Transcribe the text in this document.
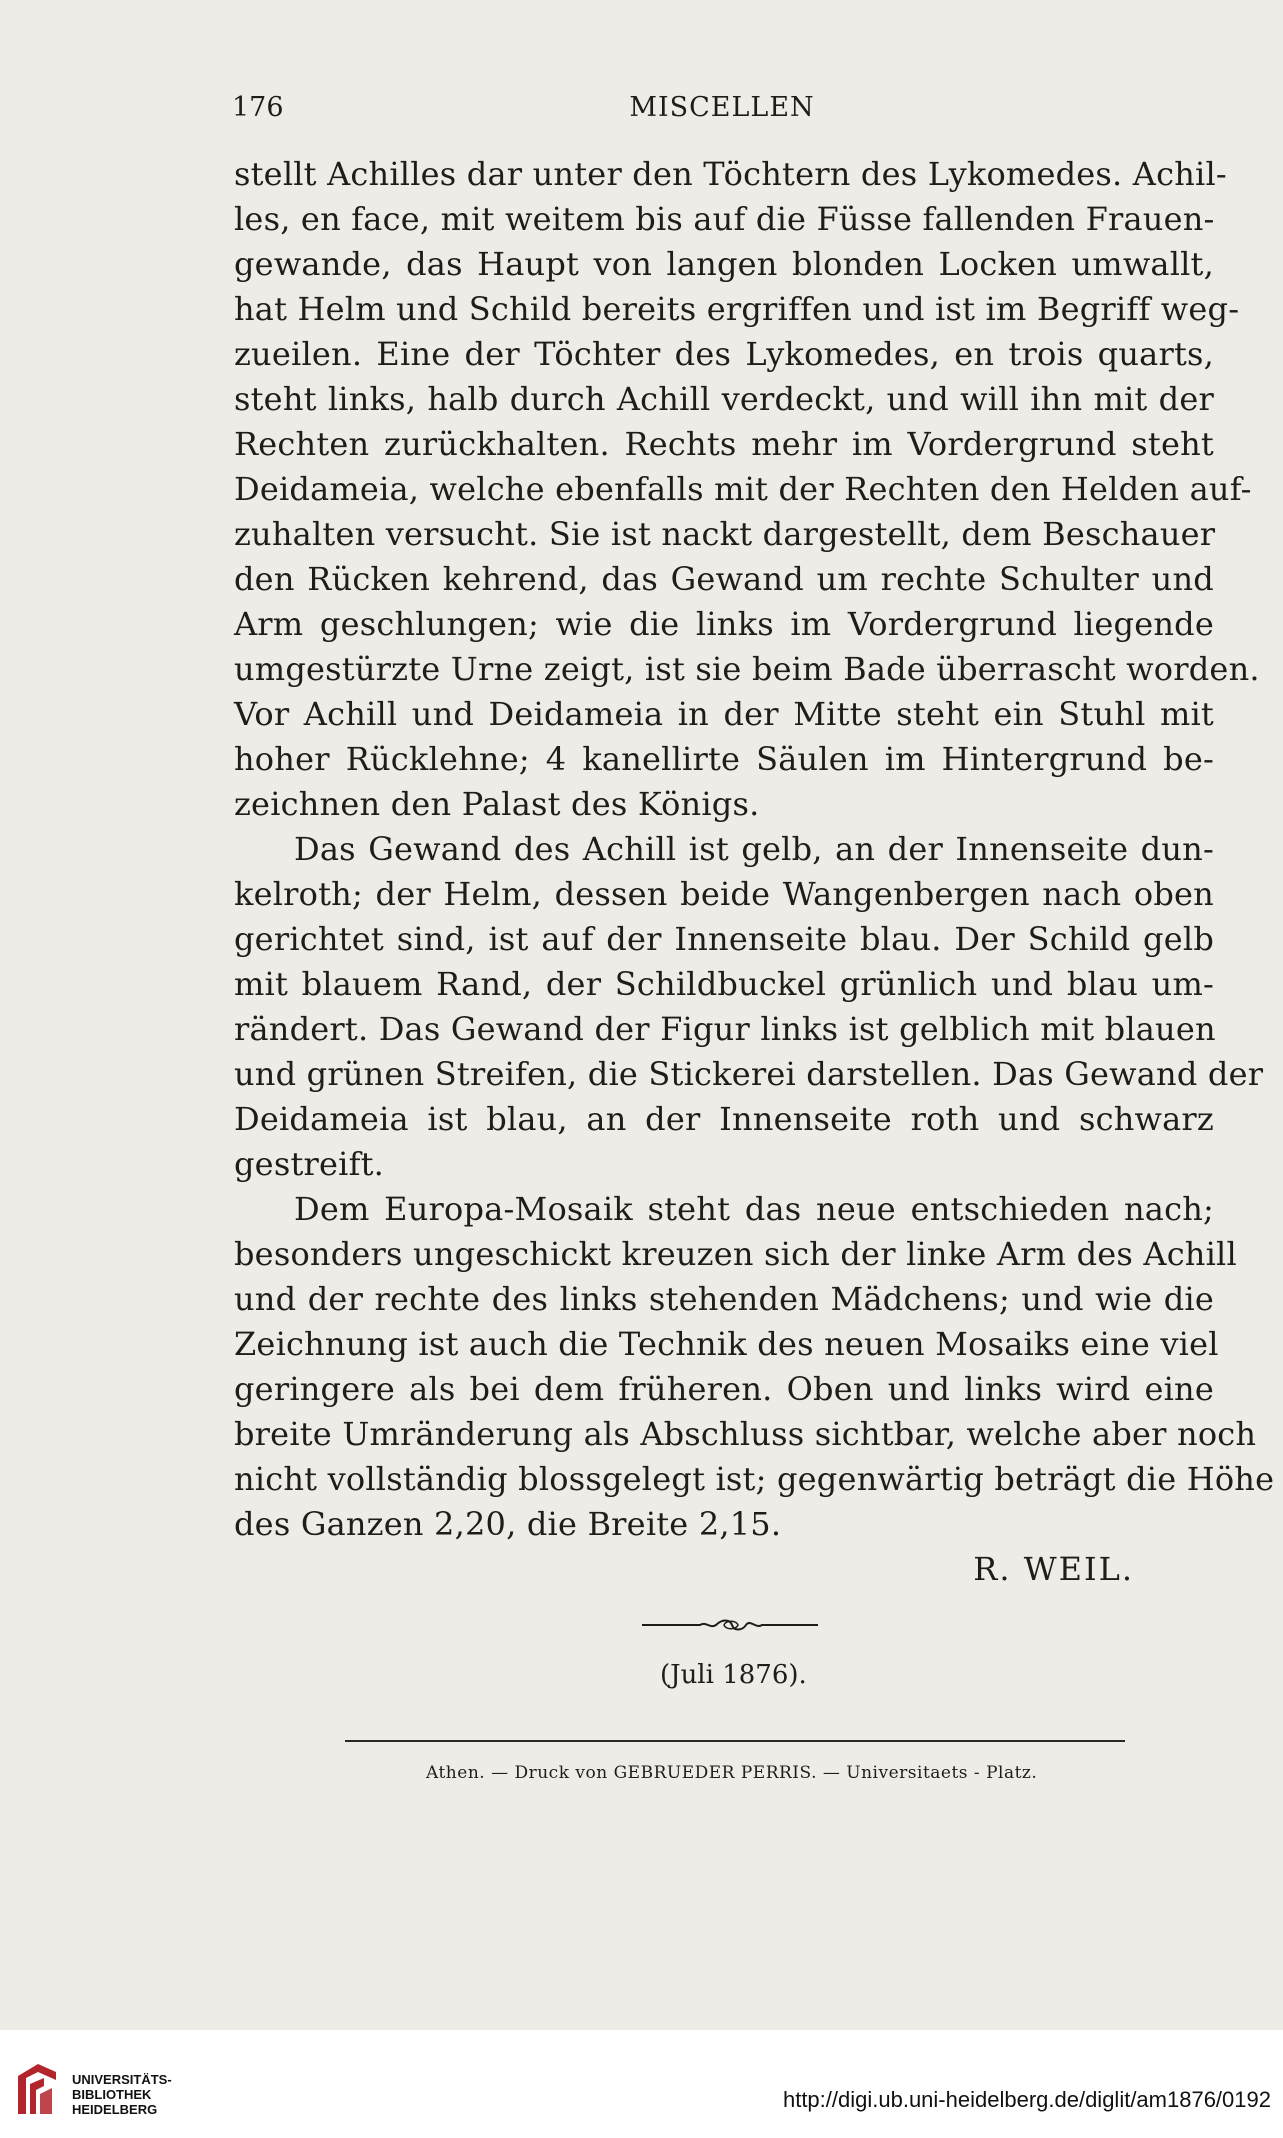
176	MISCELLEN
stellt Achilles dar unter den Töchtern des Lykomedes. Achil-
les, en face, mit weitem bis auf die Füsse fallenden Frauen-
gewande, das Haupt von langen blonden Locken umwallt,
hat Helm und Schild bereits ergriffen und ist im Begriff weg-
zueilen. Eine der Töchter des Lykomedes, en trois quarts,
steht links, halb durch Achill verdeckt, und will ihn mit der
Rechten zurückhalten. Rechts mehr im Vordergrund steht
Deidameia, welche ebenfalls mit der Rechten den Helden auf-
zuhalten versucht. Sie ist nackt dargestellt, dem Beschauer
den Rücken kehrend, das Gewand um rechte Schulter und
Arm geschlungen; wie die links im Vordergrund liegende
umgestürzte Urne zeigt, ist sie beim Bade überrascht worden.
Vor Achill und Deidameia in der Mitte steht ein Stuhl mit
hoher Rücklehne; 4 kanellirte Säulen im Hintergrund be-
zeichnen den Palast des Königs.
Das Gewand des Achill ist gelb, an der Innenseite dun-
kelroth; der Helm, dessen beide Wangenbergen nach oben
gerichtet sind, ist auf der Innenseite blau. Der Schild gelb
mit blauem Rand, der Schildbuckel grünlich und blau um-
rändert. Das Gewand der Figur links ist gelblich mit blauen
und grünen Streifen, die Stickerei darstellen. Das Gewand der
Deidameia ist blau, an der Innenseite roth und schwarz
gestreift.
Dem Europa-Mosaik steht das neue entschieden nach;
besonders ungeschickt kreuzen sich der linke Arm des Achill
und der rechte des links stehenden Mädchens; und wie die
Zeichnung ist auch die Technik des neuen Mosaiks eine viel
geringere als bei dem früheren. Oben und links wird eine
breite Umränderung als Abschluss sichtbar, welche aber noch
nicht vollständig blossgelegt ist; gegenwärtig beträgt die Höhe
des Ganzen 2,20, die Breite 2,15.
R. WEIL.
(Juli 1876).
Athen. — Druck von GEBRUEDER PERRIS. — Universitaets - Platz.
UNIVERSITÄTS-
BIBLIOTHEK
HEIDELBERG	http://digi.ub.uni-heidelberg.de/diglit/am1876/0192
